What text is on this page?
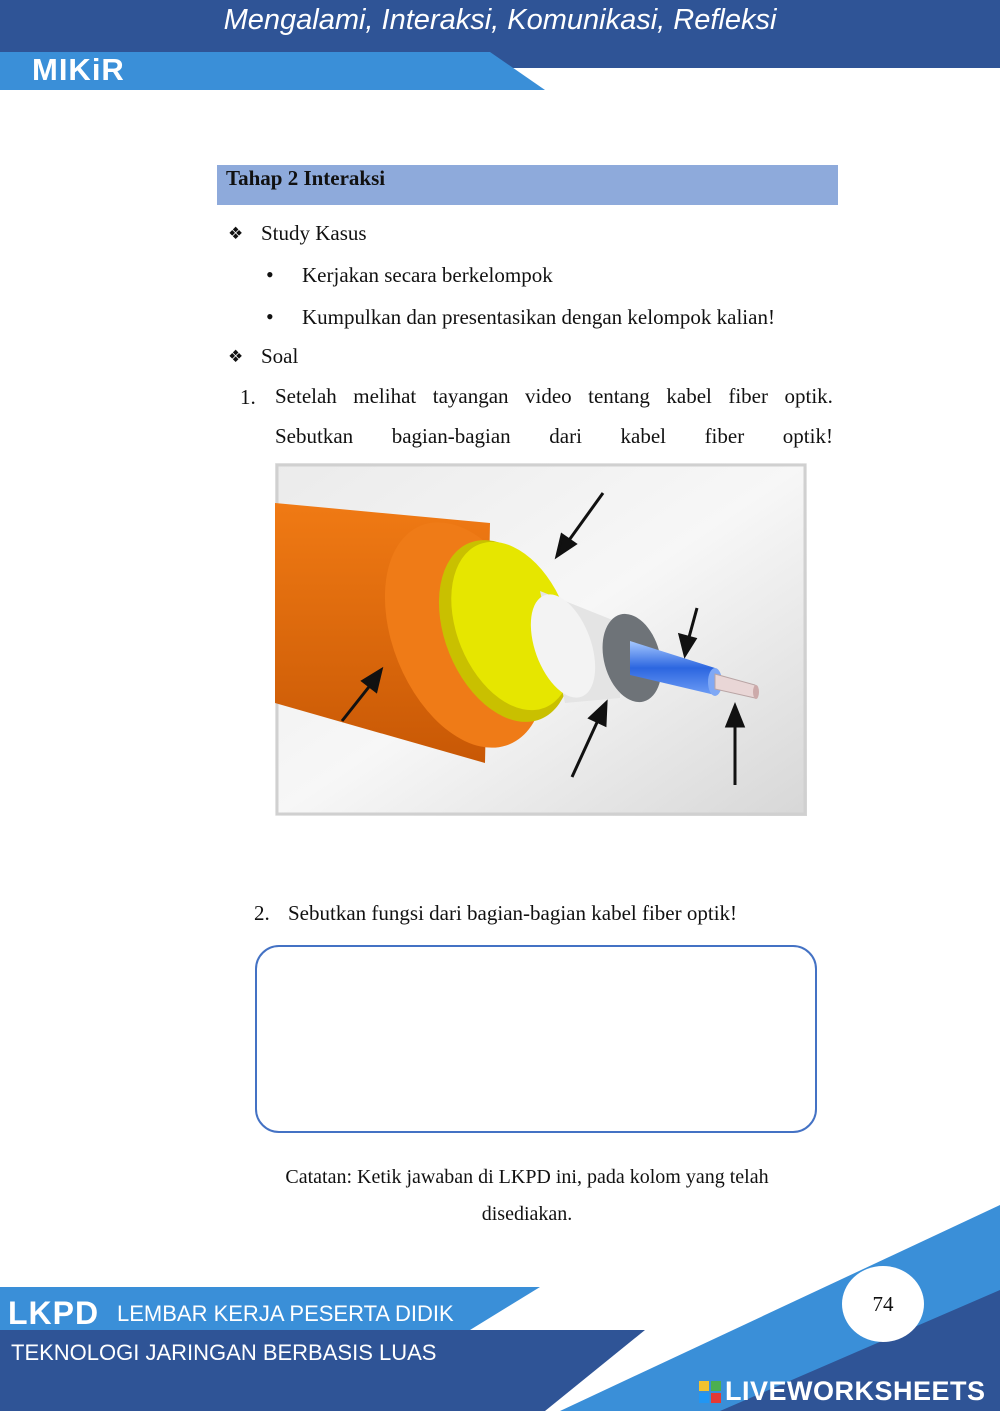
Mengalami, Interaksi, Komunikasi, Refleksi
MIKiR
Tahap 2 Interaksi
❖ Study Kasus
• Kerjakan secara berkelompok
• Kumpulkan dan presentasikan dengan kelompok kalian!
❖ Soal
1. Setelah melihat tayangan video tentang kabel fiber optik.
Sebutkan bagian-bagian dari kabel fiber optik!
2. Sebutkan fungsi dari bagian-bagian kabel fiber optik!
Catatan: Ketik jawaban di LKPD ini, pada kolom yang telah
disediakan.
LKPD LEMBAR KERJA PESERTA DIDIK
TEKNOLOGI JARINGAN BERBASIS LUAS
74
LIVEWORKSHEETS
